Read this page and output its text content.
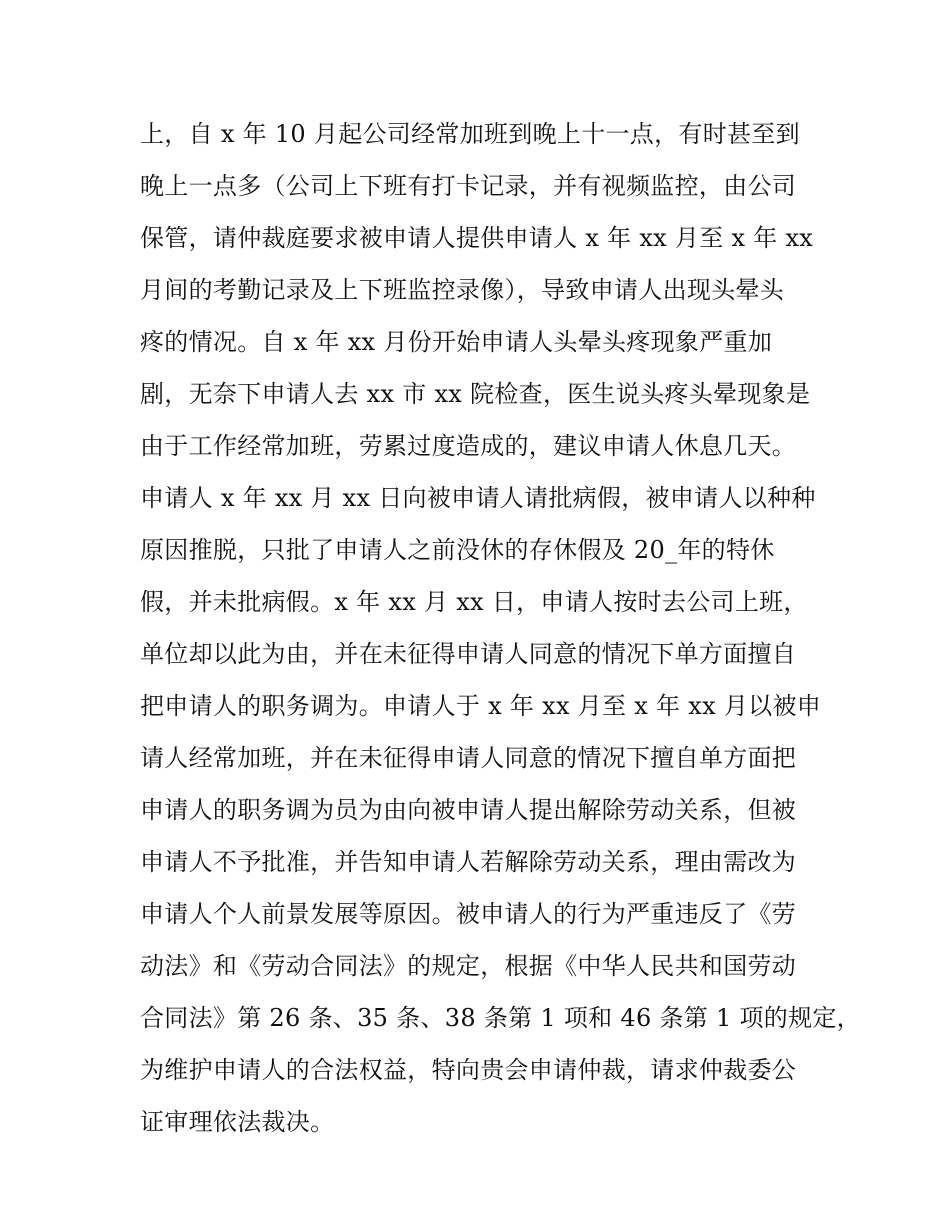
上，自 x 年 10 月起公司经常加班到晚上十一点，有时甚至到
晚上一点多（公司上下班有打卡记录，并有视频监控，由公司
保管，请仲裁庭要求被申请人提供申请人 x 年 xx 月至 x 年 xx
月间的考勤记录及上下班监控录像），导致申请人出现头晕头
疼的情况。自 x 年 xx 月份开始申请人头晕头疼现象严重加
剧，无奈下申请人去 xx 市 xx 院检查，医生说头疼头晕现象是
由于工作经常加班，劳累过度造成的，建议申请人休息几天。
申请人 x 年 xx 月 xx 日向被申请人请批病假，被申请人以种种
原因推脱，只批了申请人之前没休的存休假及 20_年的特休
假，并未批病假。x 年 xx 月 xx 日，申请人按时去公司上班，
单位却以此为由，并在未征得申请人同意的情况下单方面擅自
把申请人的职务调为。申请人于 x 年 xx 月至 x 年 xx 月以被申
请人经常加班，并在未征得申请人同意的情况下擅自单方面把
申请人的职务调为员为由向被申请人提出解除劳动关系，但被
申请人不予批准，并告知申请人若解除劳动关系，理由需改为
申请人个人前景发展等原因。被申请人的行为严重违反了《劳
动法》和《劳动合同法》的规定，根据《中华人民共和国劳动
合同法》第 26 条、35 条、38 条第 1 项和 46 条第 1 项的规定，
为维护申请人的合法权益，特向贵会申请仲裁，请求仲裁委公
证审理依法裁决。
